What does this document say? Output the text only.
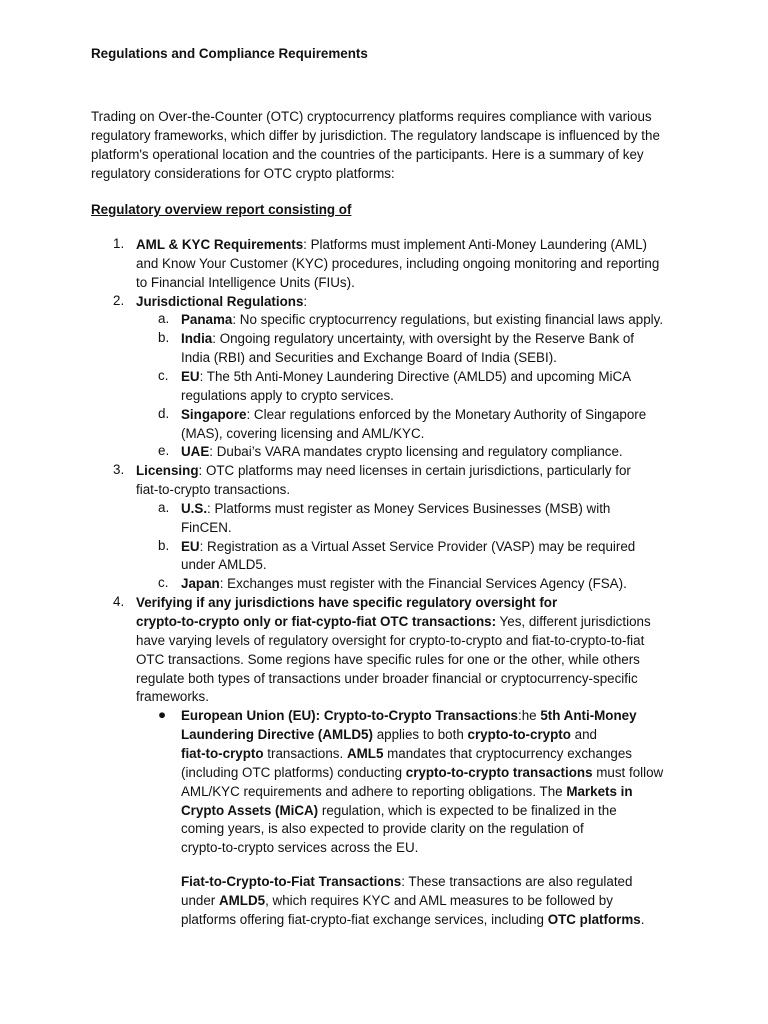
Regulations and Compliance Requirements
Trading on Over-the-Counter (OTC) cryptocurrency platforms requires compliance with various regulatory frameworks, which differ by jurisdiction. The regulatory landscape is influenced by the platform's operational location and the countries of the participants. Here is a summary of key regulatory considerations for OTC crypto platforms:
Regulatory overview report consisting of
1. AML & KYC Requirements: Platforms must implement Anti-Money Laundering (AML)
and Know Your Customer (KYC) procedures, including ongoing monitoring and reporting
to Financial Intelligence Units (FIUs).
2. Jurisdictional Regulations:
a. Panama: No specific cryptocurrency regulations, but existing financial laws apply.
b. India: Ongoing regulatory uncertainty, with oversight by the Reserve Bank of
India (RBI) and Securities and Exchange Board of India (SEBI).
c. EU: The 5th Anti-Money Laundering Directive (AMLD5) and upcoming MiCA
regulations apply to crypto services.
d. Singapore: Clear regulations enforced by the Monetary Authority of Singapore
(MAS), covering licensing and AML/KYC.
e. UAE: Dubai’s VARA mandates crypto licensing and regulatory compliance.
3. Licensing: OTC platforms may need licenses in certain jurisdictions, particularly for
fiat-to-crypto transactions.
a. U.S.: Platforms must register as Money Services Businesses (MSB) with
FinCEN.
b. EU: Registration as a Virtual Asset Service Provider (VASP) may be required
under AMLD5.
c. Japan: Exchanges must register with the Financial Services Agency (FSA).
4. Verifying if any jurisdictions have specific regulatory oversight for
crypto-to-crypto only or fiat-cypto-fiat OTC transactions: Yes, different jurisdictions
have varying levels of regulatory oversight for crypto-to-crypto and fiat-to-crypto-to-fiat
OTC transactions. Some regions have specific rules for one or the other, while others
regulate both types of transactions under broader financial or cryptocurrency-specific
frameworks.
● European Union (EU): Crypto-to-Crypto Transactions:he 5th Anti-Money
Laundering Directive (AMLD5) applies to both crypto-to-crypto and
fiat-to-crypto transactions. AML5 mandates that cryptocurrency exchanges
(including OTC platforms) conducting crypto-to-crypto transactions must follow
AML/KYC requirements and adhere to reporting obligations. The Markets in
Crypto Assets (MiCA) regulation, which is expected to be finalized in the
coming years, is also expected to provide clarity on the regulation of
crypto-to-crypto services across the EU.
Fiat-to-Crypto-to-Fiat Transactions: These transactions are also regulated
under AMLD5, which requires KYC and AML measures to be followed by
platforms offering fiat-crypto-fiat exchange services, including OTC platforms.
